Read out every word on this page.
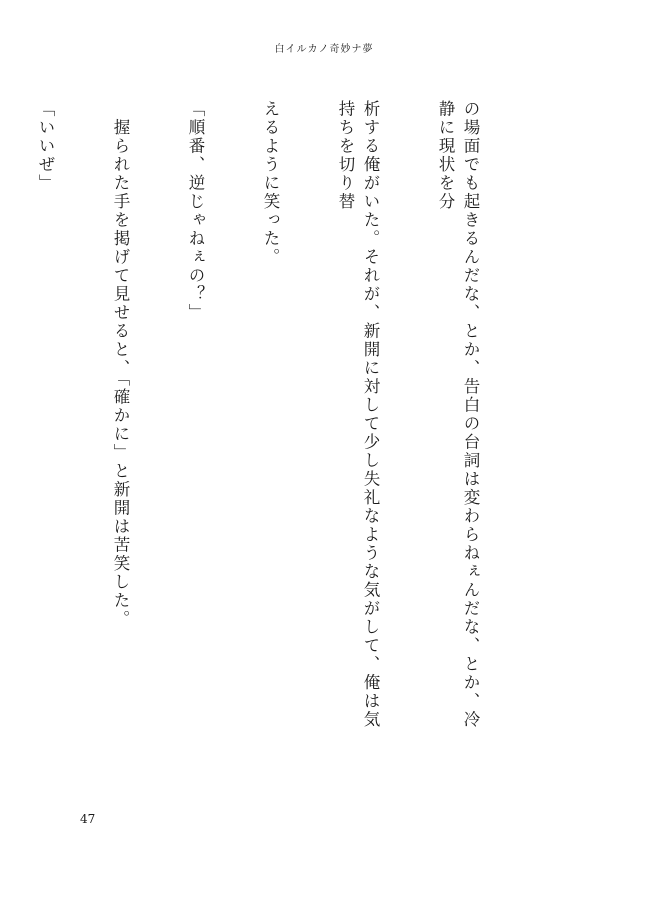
白イルカノ奇妙ナ夢

の場面でも起きるんだな、とか、告白の台詞は変わらねぇんだな、とか、冷静に現状を分

析する俺がいた。それが、新開に対して少し失礼なような気がして、俺は気持ちを切り替

えるように笑った。

「順番、逆じゃねぇの？」

　握られた手を掲げて見せると、「確かに」と新開は苦笑した。

「いいぜ」

47
